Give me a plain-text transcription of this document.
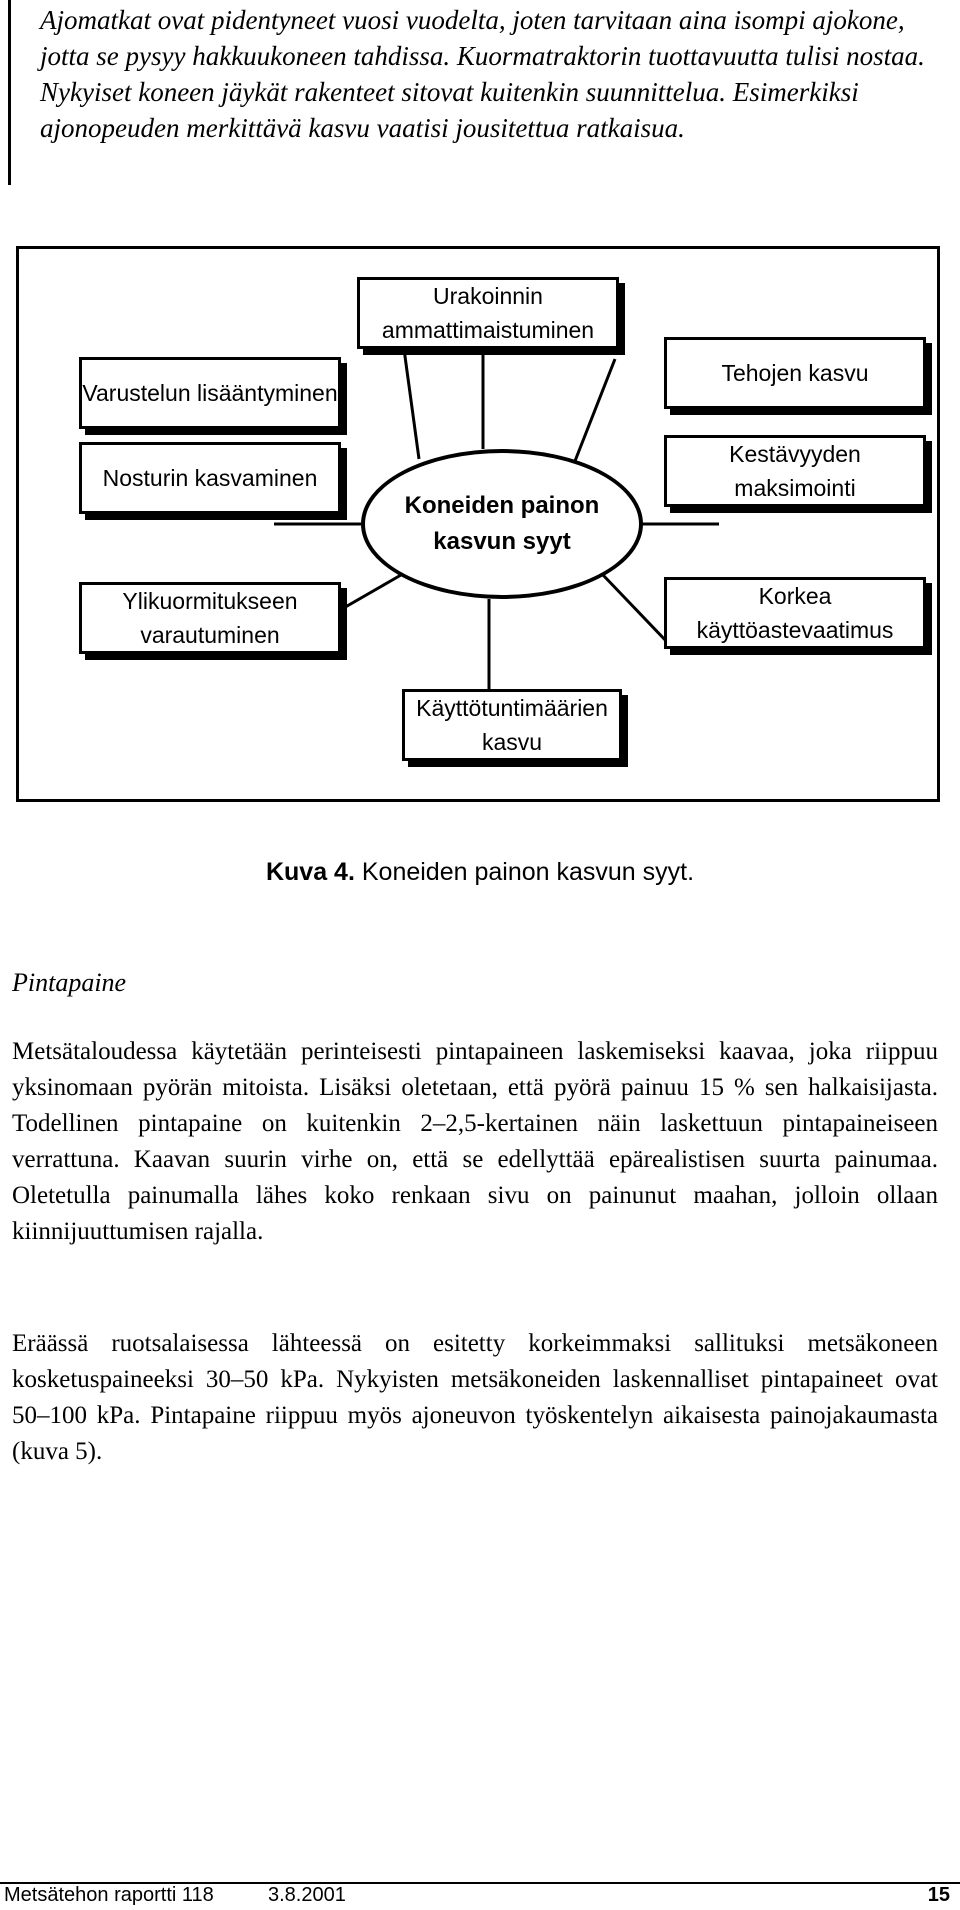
Ajomatkat ovat pidentyneet vuosi vuodelta, joten tarvitaan aina isompi ajokone, jotta se pysyy hakkuukoneen tahdissa. Kuormatraktorin tuottavuutta tulisi nostaa. Nykyiset koneen jäykät rakenteet sitovat kuitenkin suunnittelua. Esimerkiksi ajonopeuden merkittävä kasvu vaatisi jousitettua ratkaisua.

Urakoinnin ammattimaistuminen
Varustelun lisääntyminen
Nosturin kasvaminen
Ylikuormitukseen varautuminen
Tehojen kasvu
Kestävyyden maksimointi
Korkea käyttöastevaatimus
Käyttötuntimäärien kasvu
Koneiden painon kasvun syyt
Kuva 4. Koneiden painon kasvun syyt.
Pintapaine

Metsätaloudessa käytetään perinteisesti pintapaineen laskemiseksi kaavaa, joka riippuu yksinomaan pyörän mitoista. Lisäksi oletetaan, että pyörä painuu 15 % sen halkaisijasta. Todellinen pintapaine on kuitenkin 2–2,5-kertainen näin laskettuun pintapaineiseen verrattuna. Kaavan suurin virhe on, että se edellyttää epärealistisen suurta painumaa. Oletetulla painumalla lähes koko renkaan sivu on painunut maahan, jolloin ollaan kiinnijuuttumisen rajalla.

Eräässä ruotsalaisessa lähteessä on esitetty korkeimmaksi sallituksi metsäkoneen kosketuspaineeksi 30–50 kPa. Nykyisten metsäkoneiden laskennalliset pintapaineet ovat 50–100 kPa. Pintapaine riippuu myös ajoneuvon työskentelyn aikaisesta painojakaumasta (kuva 5).

Metsätehon raportti 118	3.8.2001	15
